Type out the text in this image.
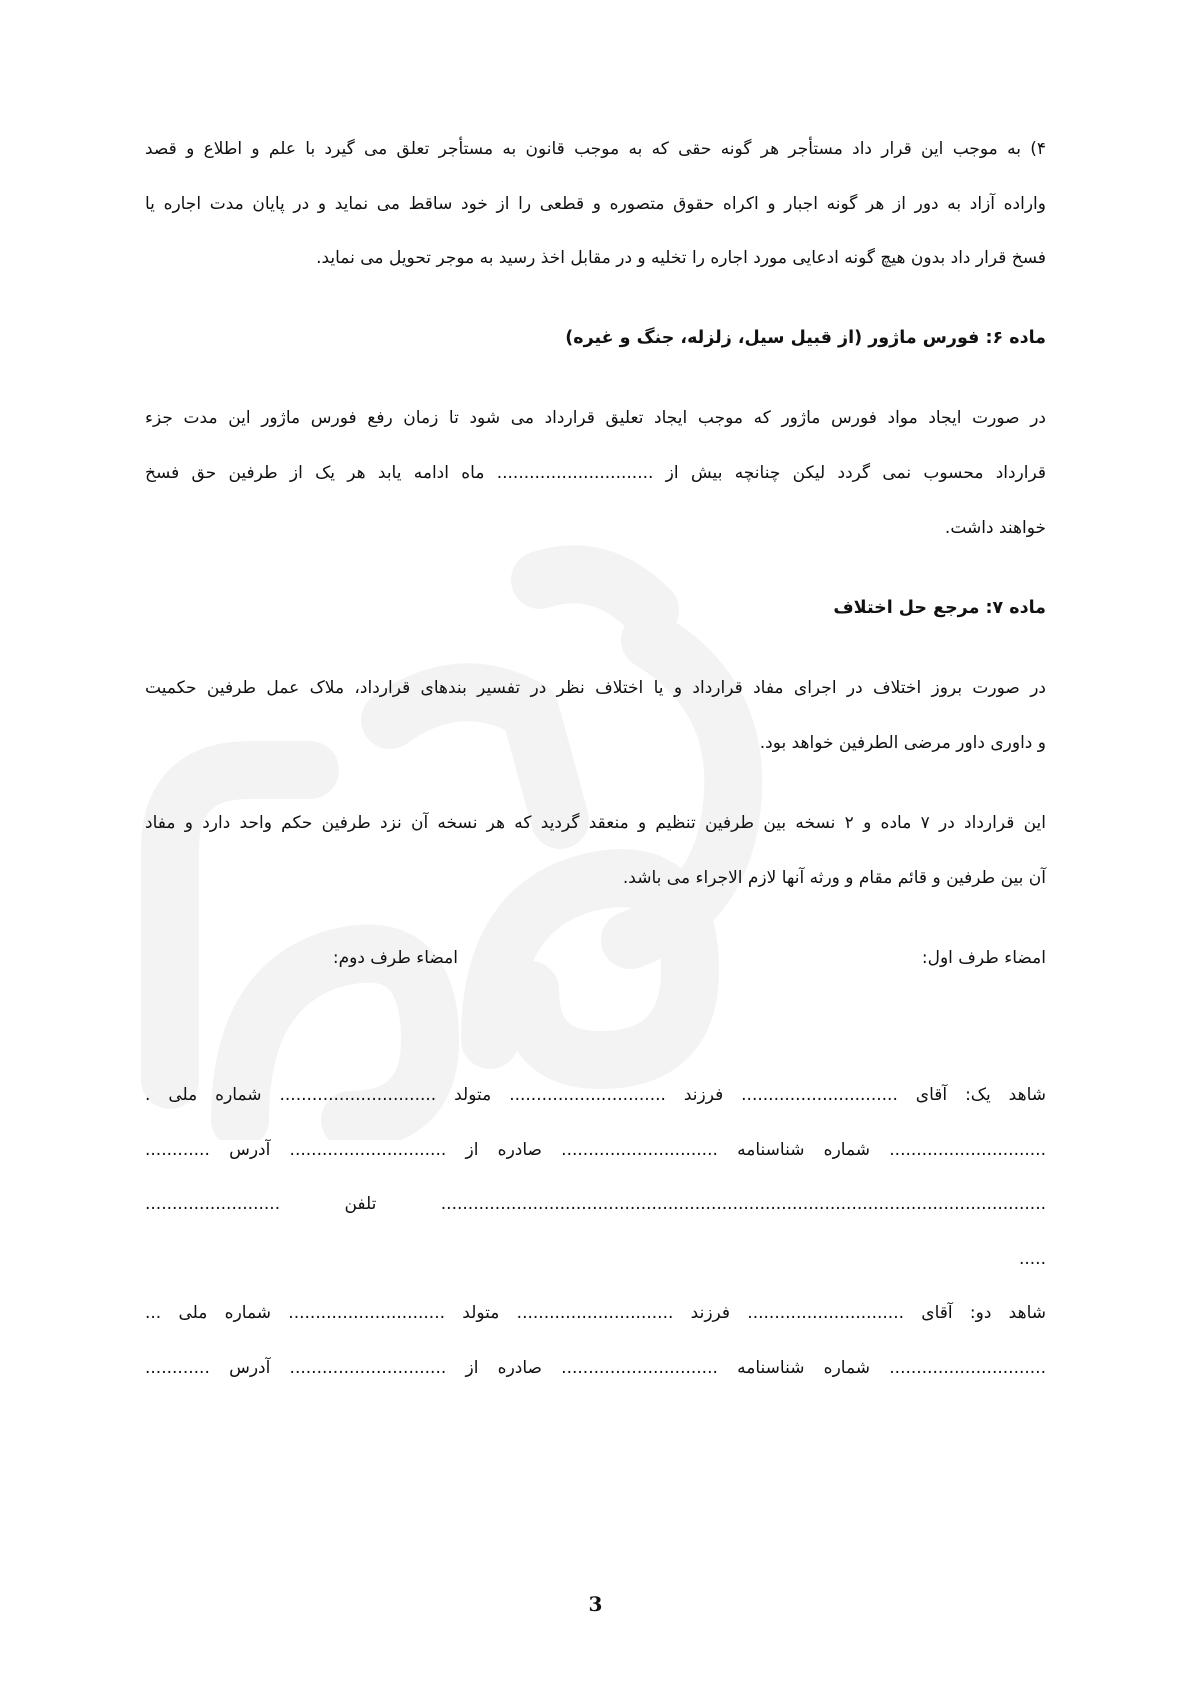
۴) به موجب این قرار داد مستأجر هر گونه حقی که به موجب قانون به مستأجر تعلق می گیرد با علم و اطلاع و قصد
واراده آزاد به دور از هر گونه اجبار و اکراه حقوق متصوره و قطعی را از خود ساقط می نماید و در پایان مدت اجاره یا
فسخ قرار داد بدون هیچ گونه ادعایی مورد اجاره را تخلیه و در مقابل اخذ رسید به موجر تحویل می نماید.
ماده ۶: فورس ماژور (از قبیل سیل، زلزله، جنگ و غیره)
در صورت ایجاد مواد فورس ماژور که موجب ایجاد تعلیق قرارداد می شود تا زمان رفع فورس ماژور این مدت جزء
قرارداد محسوب نمی گردد لیکن چنانچه بیش از ............................. ماه ادامه یابد هر یک از طرفین حق فسخ
خواهند داشت.
ماده ۷: مرجع حل اختلاف
در صورت بروز اختلاف در اجرای مفاد قرارداد و یا اختلاف نظر در تفسیر بندهای قرارداد، ملاک عمل طرفین حکمیت
و داوری داور مرضی الطرفین خواهد بود.
این قرارداد در ۷ ماده و ۲ نسخه بین طرفین تنظیم و منعقد گردید که هر نسخه آن نزد طرفین حکم واحد دارد و مفاد
آن بین طرفین و قائم مقام و ورثه آنها لازم الاجراء می باشد.
امضاء طرف اول:
امضاء طرف دوم:
شاهد یک: آقای ............................. فرزند ............................. متولد ............................. شماره ملی .
............................. شماره شناسنامه ............................. صادره از ............................. آدرس ............
................................................................................................................ تلفن .........................
.....
شاهد دو: آقای ............................. فرزند ............................. متولد ............................. شماره ملی ...
............................. شماره شناسنامه ............................. صادره از ............................. آدرس ............
3
